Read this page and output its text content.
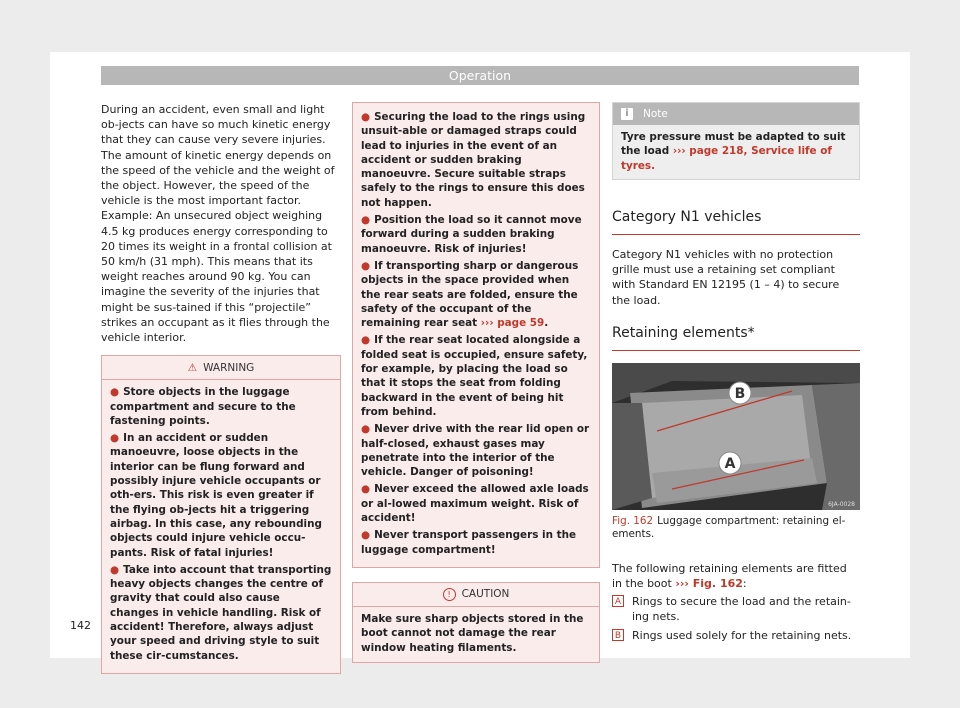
Operation

During an accident, even small and light ob-jects can have so much kinetic energy that they can cause very severe injuries. The amount of kinetic energy depends on the speed of the vehicle and the weight of the object. However, the speed of the vehicle is the most important factor.

Example: An unsecured object weighing 4.5 kg produces energy corresponding to 20 times its weight in a frontal collision at 50 km/h (31 mph). This means that its weight reaches around 90 kg. You can imagine the severity of the injuries that might be sus-tained if this “projectile” strikes an occupant as it flies through the vehicle interior.

⚠ WARNING
● Store objects in the luggage compartment and secure to the fastening points.
● In an accident or sudden manoeuvre, loose objects in the interior can be flung forward and possibly injure vehicle occupants or oth-ers. This risk is even greater if the flying ob-jects hit a triggering airbag. In this case, any rebounding objects could injure vehicle occu-pants. Risk of fatal injuries!
● Take into account that transporting heavy objects changes the centre of gravity that could also cause changes in vehicle handling. Risk of accident! Therefore, always adjust your speed and driving style to suit these cir-cumstances.
● Securing the load to the rings using unsuit-able or damaged straps could lead to injuries in the event of an accident or sudden braking manoeuvre. Secure suitable straps safely to the rings to ensure this does not happen.
● Position the load so it cannot move forward during a sudden braking manoeuvre. Risk of injuries!
● If transporting sharp or dangerous objects in the space provided when the rear seats are folded, ensure the safety of the occupant of the remaining rear seat ››› page 59.
● If the rear seat located alongside a folded seat is occupied, ensure safety, for example, by placing the load so that it stops the seat from folding backward in the event of being hit from behind.
● Never drive with the rear lid open or half-closed, exhaust gases may penetrate into the interior of the vehicle. Danger of poisoning!
● Never exceed the allowed axle loads or al-lowed maximum weight. Risk of accident!
● Never transport passengers in the luggage compartment!
!	CAUTION
Make sure sharp objects stored in the boot cannot not damage the rear window heating filaments.
i	Note
Tyre pressure must be adapted to suit the load ››› page 218, Service life of tyres.
Category N1 vehicles

Category N1 vehicles with no protection grille must use a retaining set compliant with Standard EN 12195 (1 – 4) to secure the load.

Retaining elements*
B
A
6JA-0028
Fig. 162 Luggage compartment: retaining el-ements.

The following retaining elements are fitted in the boot ››› Fig. 162:

A Rings to secure the load and the retain-ing nets.
B Rings used solely for the retaining nets.
142
